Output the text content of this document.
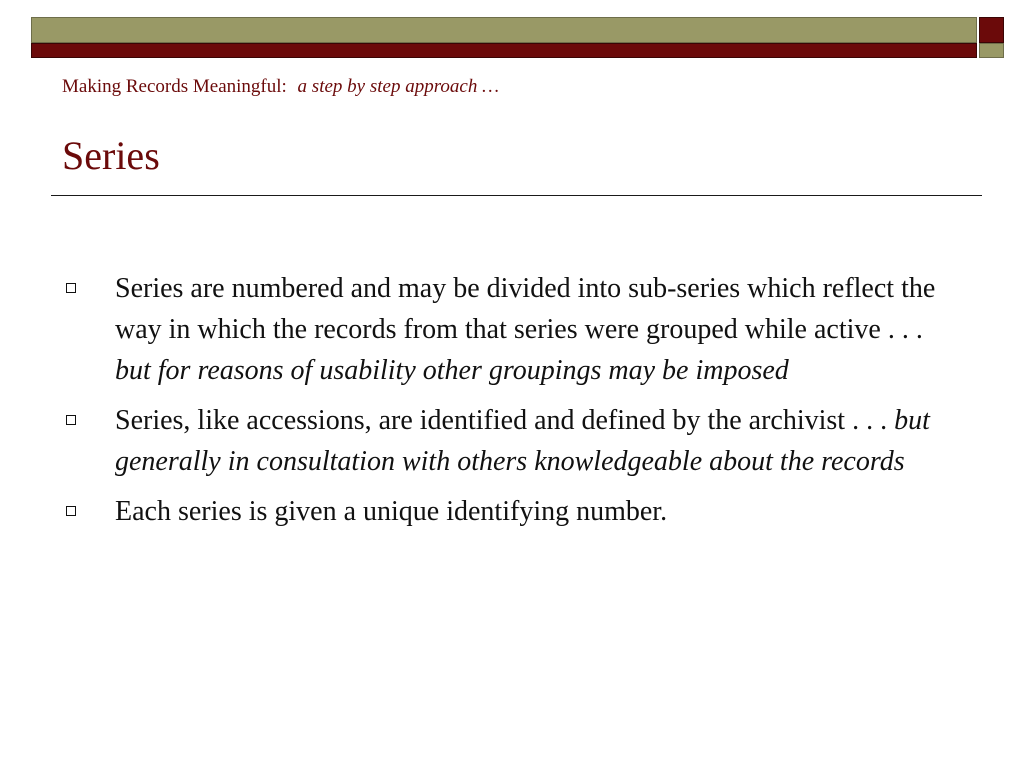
Making Records Meaningful: a step by step approach …
Series
Series are numbered and may be divided into sub-series which reflect the way in which the records from that series were grouped while active . . . but for reasons of usability other groupings may be imposed
Series, like accessions, are identified and defined by the archivist . . . but generally in consultation with others knowledgeable about the records
Each series is given a unique identifying number.
